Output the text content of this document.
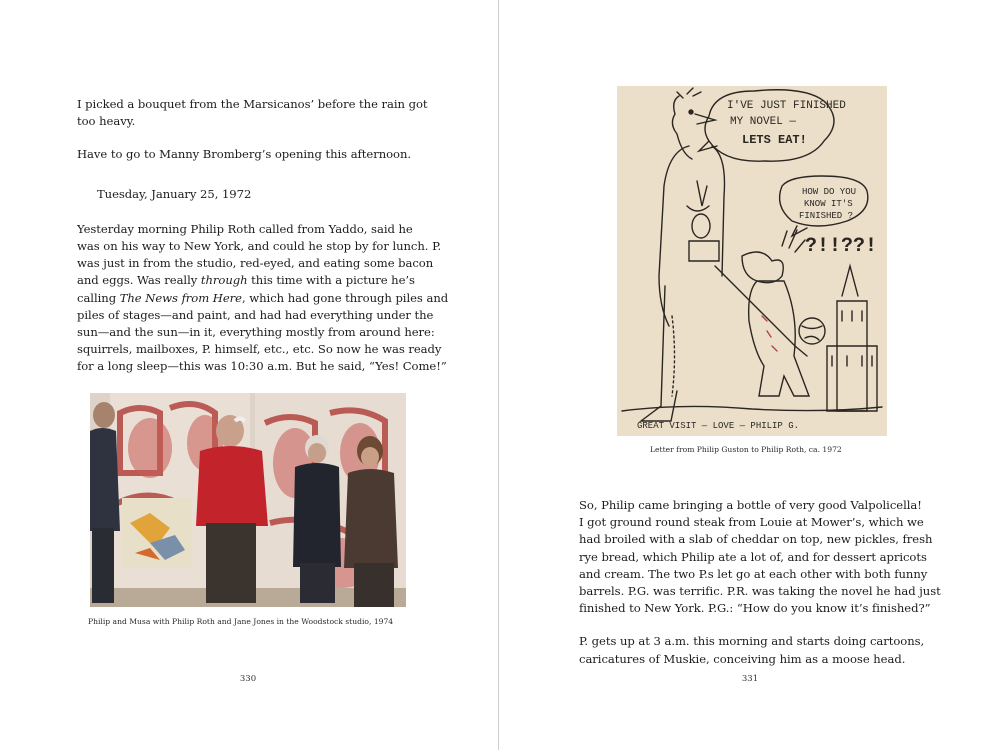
I picked a bouquet from the Marsicanos’ before the rain got
too heavy.

Have to go to Manny Bromberg’s opening this afternoon.

Tuesday, January 25, 1972

Yesterday morning Philip Roth called from Yaddo, said he
was on his way to New York, and could he stop by for lunch. P.
was just in from the studio, red-eyed, and eating some bacon
and eggs. Was really through this time with a picture he’s
calling The News from Here, which had gone through piles and
piles of stages—and paint, and had had everything under the
sun—and the sun—in it, everything mostly from around here:
squirrels, mailboxes, P. himself, etc., etc. So now he was ready
for a long sleep—this was 10:30 a.m. But he said, “Yes! Come!”

Philip and Musa with Philip Roth and Jane Jones in the Woodstock studio, 1974
330
I'VE JUST FINISHED
MY NOVEL —
LETS EAT!
HOW DO YOU
KNOW IT'S
FINISHED ?
?!!??!
GREAT VISIT — LOVE — PHILIP G.
Letter from Philip Guston to Philip Roth, ca. 1972

So, Philip came bringing a bottle of very good Valpolicella!
I got ground round steak from Louie at Mower’s, which we
had broiled with a slab of cheddar on top, new pickles, fresh
rye bread, which Philip ate a lot of, and for dessert apricots
and cream. The two P.s let go at each other with both funny
barrels. P.G. was terrific. P.R. was taking the novel he had just
finished to New York. P.G.: “How do you know it’s finished?”

P. gets up at 3 a.m. this morning and starts doing cartoons,
caricatures of Muskie, conceiving him as a moose head.

331
